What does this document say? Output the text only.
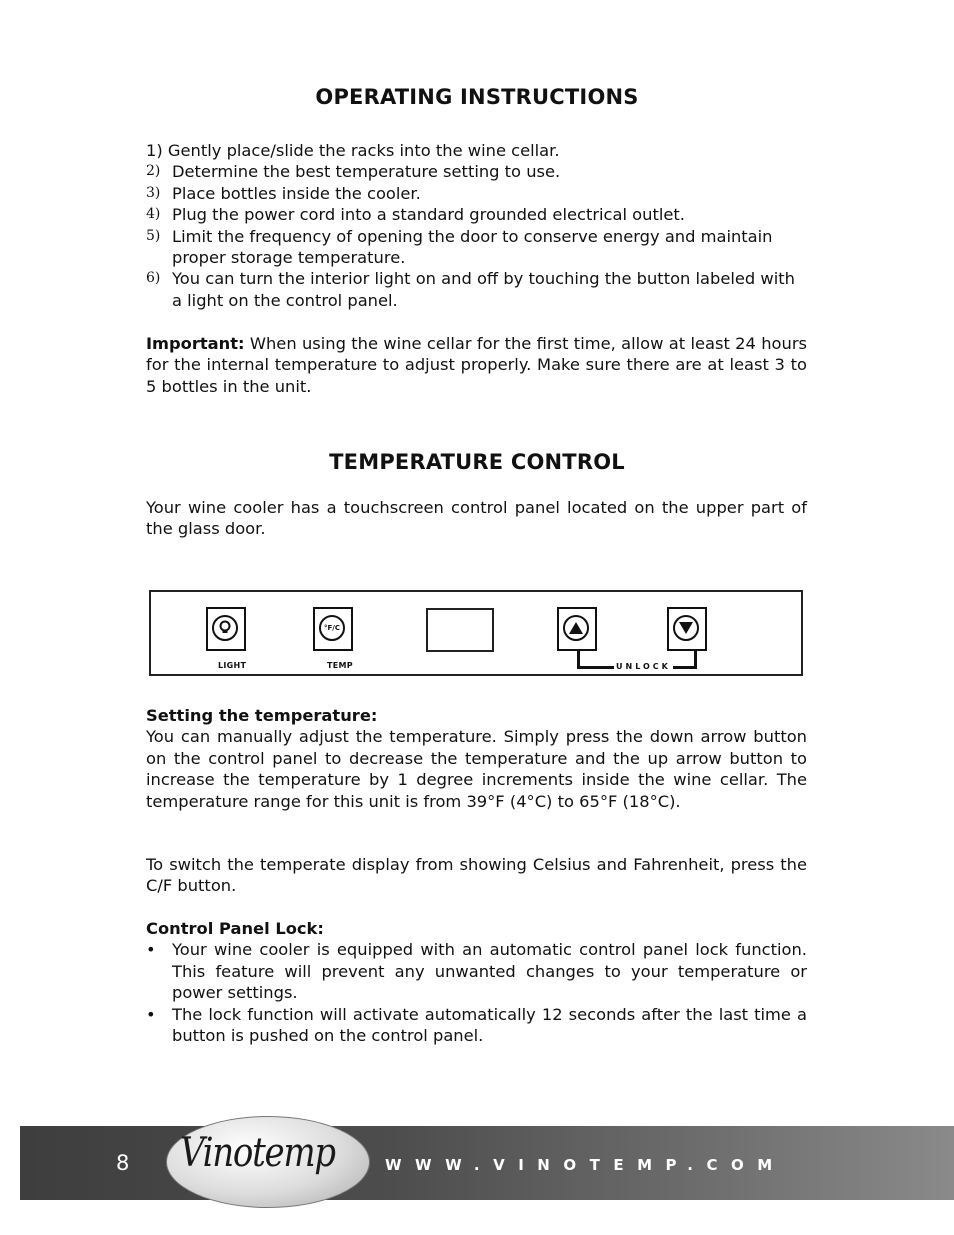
OPERATING INSTRUCTIONS
1) Gently place/slide the racks into the wine cellar.
2) Determine the best temperature setting to use.
3) Place bottles inside the cooler.
4) Plug the power cord into a standard grounded electrical outlet.
5) Limit the frequency of opening the door to conserve energy and maintain proper storage temperature.
6) You can turn the interior light on and off by touching the button labeled with a light on the control panel.
Important: When using the wine cellar for the first time, allow at least 24 hours for the internal temperature to adjust properly. Make sure there are at least 3 to 5 bottles in the unit.
TEMPERATURE CONTROL
Your wine cooler has a touchscreen control panel located on the upper part of the glass door.
LIGHT
°F/C
TEMP	UNLOCK
Setting the temperature:
You can manually adjust the temperature. Simply press the down arrow button on the control panel to decrease the temperature and the up arrow button to increase the temperature by 1 degree increments inside the wine cellar. The temperature range for this unit is from 39°F (4°C) to 65°F (18°C).
To switch the temperate display from showing Celsius and Fahrenheit, press the C/F button.
Control Panel Lock:
• Your wine cooler is equipped with an automatic control panel lock function. This feature will prevent any unwanted changes to your temperature or power settings.
• The lock function will activate automatically 12 seconds after the last time a button is pushed on the control panel.
8 Vinotemp	WWW.VINOTEMP.COM
